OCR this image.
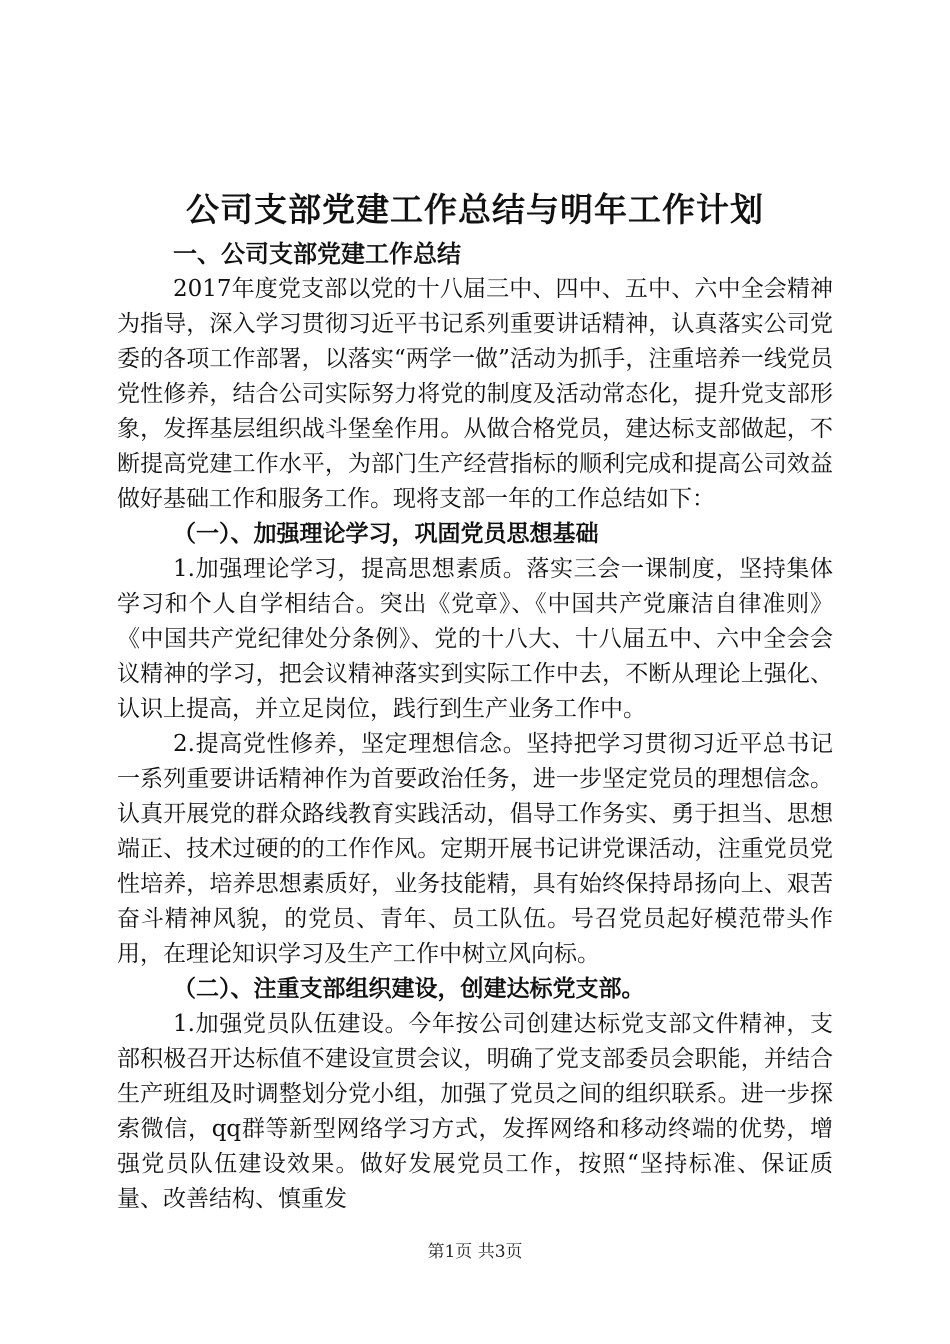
公司支部党建工作总结与明年工作计划
一、公司支部党建工作总结

2017年度党支部以党的十八届三中、四中、五中、六中全会精神为指导，深入学习贯彻习近平书记系列重要讲话精神，认真落实公司党委的各项工作部署，以落实“两学一做”活动为抓手，注重培养一线党员党性修养，结合公司实际努力将党的制度及活动常态化，提升党支部形象，发挥基层组织战斗堡垒作用。从做合格党员，建达标支部做起，不断提高党建工作水平，为部门生产经营指标的顺利完成和提高公司效益做好基础工作和服务工作。现将支部一年的工作总结如下：

（一）、加强理论学习，巩固党员思想基础

1.加强理论学习，提高思想素质。落实三会一课制度，坚持集体学习和个人自学相结合。突出《党章》、《中国共产党廉洁自律准则》《中国共产党纪律处分条例》、党的十八大、十八届五中、六中全会会议精神的学习，把会议精神落实到实际工作中去，不断从理论上强化、认识上提高，并立足岗位，践行到生产业务工作中。

2.提高党性修养，坚定理想信念。坚持把学习贯彻习近平总书记一系列重要讲话精神作为首要政治任务，进一步坚定党员的理想信念。认真开展党的群众路线教育实践活动，倡导工作务实、勇于担当、思想端正、技术过硬的的工作作风。定期开展书记讲党课活动，注重党员党性培养，培养思想素质好，业务技能精，具有始终保持昂扬向上、艰苦奋斗精神风貌，的党员、青年、员工队伍。号召党员起好模范带头作用，在理论知识学习及生产工作中树立风向标。

（二）、注重支部组织建设，创建达标党支部。

1.加强党员队伍建设。今年按公司创建达标党支部文件精神，支部积极召开达标值不建设宣贯会议，明确了党支部委员会职能，并结合生产班组及时调整划分党小组，加强了党员之间的组织联系。进一步探索微信，qq群等新型网络学习方式，发挥网络和移动终端的优势，增强党员队伍建设效果。做好发展党员工作，按照“坚持标准、保证质量、改善结构、慎重发

第1页 共3页
